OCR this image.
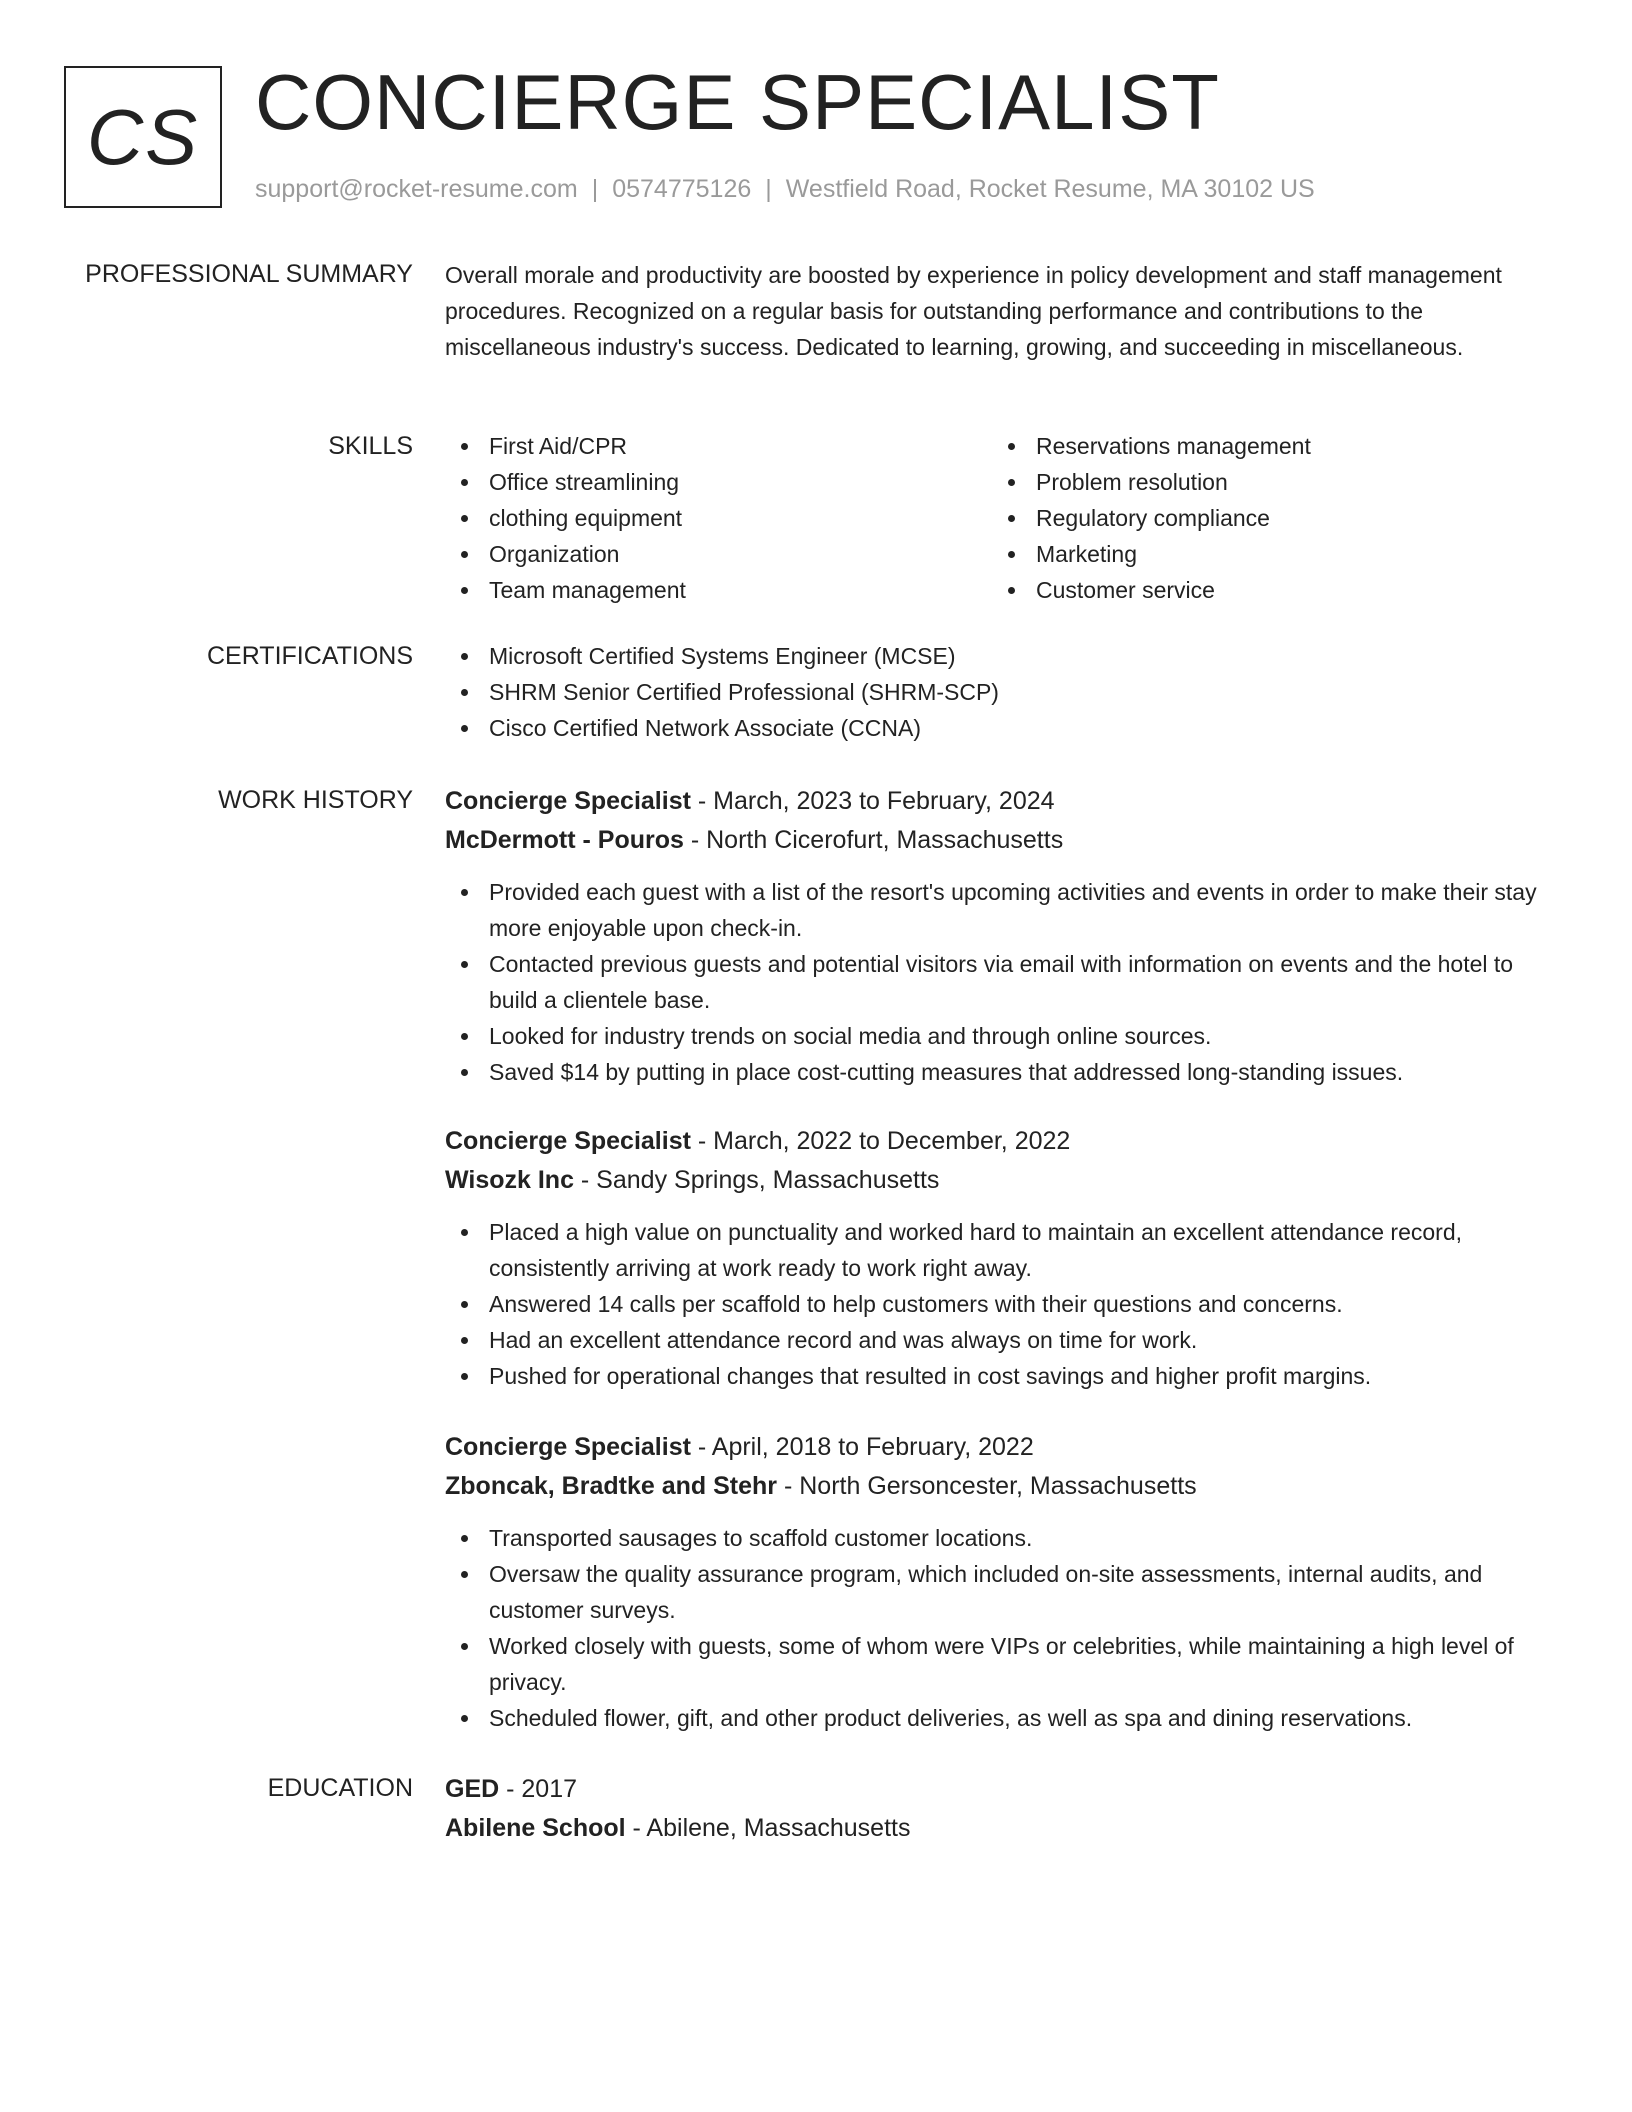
CS CONCIERGE SPECIALIST
support@rocket-resume.com | 0574775126 | Westfield Road, Rocket Resume, MA 30102 US
PROFESSIONAL SUMMARY Overall morale and productivity are boosted by experience in policy development and staff management procedures. Recognized on a regular basis for outstanding performance and contributions to the miscellaneous industry's success. Dedicated to learning, growing, and succeeding in miscellaneous.
SKILLS	First Aid/CPR
Office streamlining
clothing equipment
Organization
Team management
Reservations management
Problem resolution
Regulatory compliance
Marketing
Customer service
CERTIFICATIONS	Microsoft Certified Systems Engineer (MCSE)
SHRM Senior Certified Professional (SHRM-SCP)
Cisco Certified Network Associate (CCNA)
WORK HISTORY Concierge Specialist - March, 2023 to February, 2024
McDermott - Pouros - North Cicerofurt, Massachusetts
Provided each guest with a list of the resort's upcoming activities and events in order to make their stay more enjoyable upon check-in.
Contacted previous guests and potential visitors via email with information on events and the hotel to build a clientele base.
Looked for industry trends on social media and through online sources.
Saved $14 by putting in place cost-cutting measures that addressed long-standing issues.
Concierge Specialist - March, 2022 to December, 2022
Wisozk Inc - Sandy Springs, Massachusetts
Placed a high value on punctuality and worked hard to maintain an excellent attendance record, consistently arriving at work ready to work right away.
Answered 14 calls per scaffold to help customers with their questions and concerns.
Had an excellent attendance record and was always on time for work.
Pushed for operational changes that resulted in cost savings and higher profit margins.
Concierge Specialist - April, 2018 to February, 2022
Zboncak, Bradtke and Stehr - North Gersoncester, Massachusetts
Transported sausages to scaffold customer locations.
Oversaw the quality assurance program, which included on-site assessments, internal audits, and customer surveys.
Worked closely with guests, some of whom were VIPs or celebrities, while maintaining a high level of privacy.
Scheduled flower, gift, and other product deliveries, as well as spa and dining reservations.
EDUCATION GED - 2017
Abilene School - Abilene, Massachusetts
